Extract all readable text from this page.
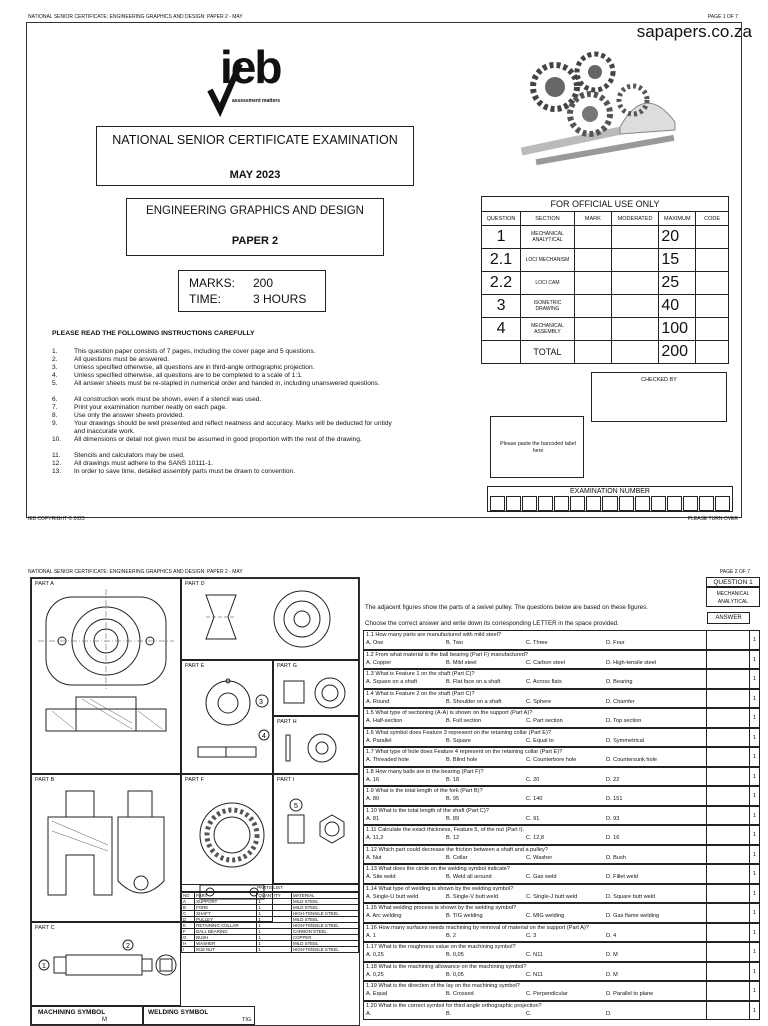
NATIONAL SENIOR CERTIFICATE: ENGINEERING GRAPHICS AND DESIGN: PAPER 2 - MAY	PAGE 1 OF 7
sapapers.co.za
ieb
assessment matters
NATIONAL SENIOR CERTIFICATE EXAMINATION
MAY 2023
ENGINEERING GRAPHICS AND DESIGN
PAPER 2
MARKS: 200
TIME:	3 HOURS
PLEASE READ THE FOLLOWING INSTRUCTIONS CAREFULLY
1.	This question paper consists of 7 pages, including the cover page and 5 questions.
2.	All questions must be answered.
3.	Unless specified otherwise, all questions are in third-angle orthographic projection.
4.	Unless specified otherwise, all questions are to be completed to a scale of 1:1.
5.	All answer sheets must be re-stapled in numerical order and handed in, including unanswered questions.
6.	All construction work must be shown, even if a stencil was used.
7.	Print your examination number neatly on each page.
8.	Use only the answer sheets provided.
9.	Your drawings should be well presented and reflect neatness and accuracy. Marks will be deducted for untidy and inaccurate work.
10. All dimensions or detail not given must be assumed in good proportion with the rest of the drawing.
11. Stencils and calculators may be used.
12. All drawings must adhere to the SANS 10111-1.
13. In order to save time, detailed assembly parts must be drawn to convention.
FOR OFFICIAL USE ONLY
QUESTION	SECTION	MARK	MODERATED	MAXIMUM	CODE
1	MECHANICAL ANALYTICAL			20	
2.1	LOCI MECHANISM			15	
2.2	LOCI CAM			25	
3	ISOMETRIC DRAWING			40	
4	MECHANICAL ASSEMBLY			100	
	TOTAL			200	
CHECKED BY
Please paste the barcoded label here
EXAMINATION NUMBER
IEB COPYRIGHT © 2023	PLEASE TURN OVER
NATIONAL SENIOR CERTIFICATE: ENGINEERING GRAPHICS AND DESIGN: PAPER 2 - MAY	PAGE 2 OF 7
PART A	PART D
PART E
3
4
PART G
PART H
PART B	PART F	PART I
5
PARTS LIST
NO	PART	QUANTITY	MATERIAL
A	SUPPORT	1	MILD STEEL
B	FORK	1	MILD STEEL
C	SHAFT	1	HIGH-TENSILE STEEL
D	PULLEY	1	MILD STEEL
E	RETAINING COLLAR	1	HIGH-TENSILE STEEL
F	BALL BEARING	1	CARBON STEEL
G	BUSH	1	COPPER
H	WASHER	1	MILD STEEL
I	M16 NUT	1	HIGH-TENSILE STEEL
PART C
1
2
MACHINING SYMBOL
M
WELDING SYMBOL
TIG
QUESTION 1
MECHANICAL ANALYTICAL
ANSWER
The adjacent figures show the parts of a swivel pulley. The questions below are based on these figures.
Choose the correct answer and write down its corresponding LETTER in the space provided.
1.1 How many parts are manufactured with mild steel?
A. One	B. Two	C. Three	D. Four	1
1.2 From what material is the ball bearing (Part F) manufactured?
A. Copper	B. Mild steel	C. Carbon steel	D. High-tensile steel	1
1.3 What is Feature 1 on the shaft (Part C)?
A. Square on a shaft	B. Flat face on a shaft	C. Across flats	D. Bearing	1
1.4 What is Feature 2 on the shaft (Part C)?
A. Round	B. Shoulder on a shaft	C. Sphere	D. Chamfer	1
1.5 What type of sectioning (A-A) is shown on the support (Part A)?
A. Half-section	B. Full section	C. Part section	D. Top section	1
1.6 What symbol does Feature 3 represent on the retaining collar (Part E)?
A. Parallel	B. Square	C. Equal to	D. Symmetrical	1
1.7 What type of hole does Feature 4 represent on the retaining collar (Part E)?
A. Threaded hole	B. Blind hole	C. Counterbore hole	D. Countersunk hole	1
1.8 How many balls are in the bearing (Part F)?
A. 16	B. 18	C. 20	D. 22	1
1.9 What is the total length of the fork (Part B)?
A. 80	B. 95	C. 140	D. 151	1
1.10 What is the total length of the shaft (Part C)?
A. 81	B. 89	C. 91	D. 93	1
1.11 Calculate the exact thickness, Feature 5, of the nut (Part I).
A. 11,2	B. 12	C. 12,8	D. 16	1
1.12 Which part could decrease the friction between a shaft and a pulley?
A. Nut	B. Collar	C. Washer	D. Bush	1
1.13 What does the circle on the welding symbol indicate?
A. Site weld	B. Weld all around	C. Gas weld	D. Fillet weld	1
1.14 What type of welding is shown by the welding symbol?
A. Single-U butt weld	B. Single-V butt weld	C. Single-J butt weld	D. Square butt weld	1
1.15 What welding process is shown by the welding symbol?
A. Arc welding	B. TIG welding	C. MIG welding	D. Gas flame welding	1
1.16 How many surfaces needs machining by removal of material on the support (Part A)?
A. 1	B. 2	C. 3	D. 4	1
1.17 What is the roughness value on the machining symbol?
A. 0,25	B. 0,05	C. N11	D. M	1
1.18 What is the machining allowance on the machining symbol?
A. 0,25	B. 0,05	C. N11	D. M	1
1.19 What is the direction of the lay on the machining symbol?
A. Equal	B. Crossed	C. Perpendicular	D. Parallel to plane	1
1.20 What is the correct symbol for third angle orthographic projection?
A.	B.	C.	D.	1
